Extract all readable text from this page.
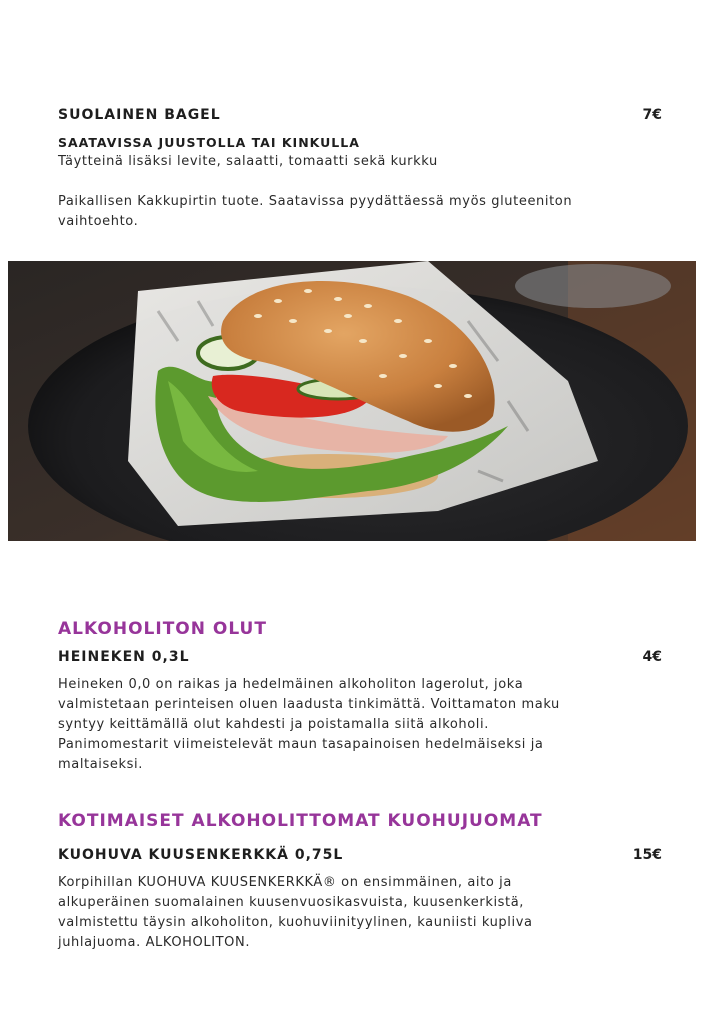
SUOLAINEN BAGEL	7€
SAATAVISSA JUUSTOLLA TAI KINKULLA
Täytteinä lisäksi levite, salaatti, tomaatti sekä kurkku
Paikallisen Kakkupirtin tuote. Saatavissa pyydättäessä myös gluteeniton
vaihtoehto.
ALKOHOLITON OLUT
HEINEKEN 0,3L	4€
Heineken 0,0 on raikas ja hedelmäinen alkoholiton lagerolut, joka
valmistetaan perinteisen oluen laadusta tinkimättä. Voittamaton maku
syntyy keittämällä olut kahdesti ja poistamalla siitä alkoholi.
Panimomestarit viimeistelevät maun tasapainoisen hedelmäiseksi ja
maltaiseksi.
KOTIMAISET ALKOHOLITTOMAT KUOHUJUOMAT
KUOHUVA KUUSENKERKKÄ 0,75L	15€
Korpihillan KUOHUVA KUUSENKERKKÄ® on ensimmäinen, aito ja
alkuperäinen suomalainen kuusenvuosikasvuista, kuusenkerkistä,
valmistettu täysin alkoholiton, kuohuviinityylinen, kauniisti kupliva
juhlajuoma. ALKOHOLITON.
